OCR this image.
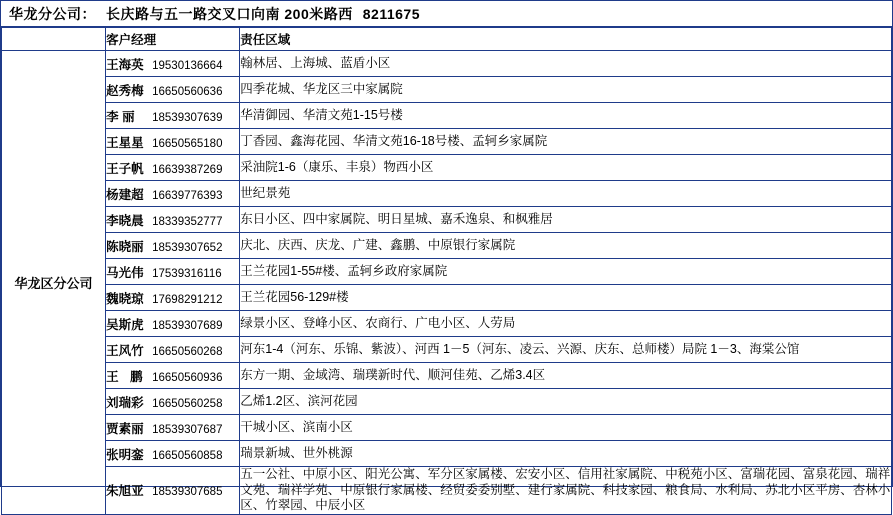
华龙分公司： 长庆路与五一路交叉口向南 200米路西 8211675
	客户经理	责任区域
华龙区分公司	王海英 19530136664	翰林居、上海城、蓝盾小区
	赵秀梅 16650560636	四季花城、华龙区三中家属院
	李 丽 18539307639	华清御园、华清文苑1-15号楼
	王星星 16650565180	丁香园、鑫海花园、华清文苑16-18号楼、孟轲乡家属院
	王子帆 16639387269	采油院1-6（康乐、丰泉）物西小区
	杨建超 16639776393	世纪景苑
	李晓晨 18339352777	东日小区、四中家属院、明日星城、嘉禾逸泉、和枫雅居
	陈晓丽 18539307652	庆北、庆西、庆龙、广建、鑫鹏、中原银行家属院
	马光伟 17539316116	王兰花园1-55#楼、孟轲乡政府家属院
	魏晓琼 17698291212	王兰花园56-129#楼
	吴斯虎 18539307689	绿景小区、登峰小区、农商行、广电小区、人劳局
	王风竹 16650560268	河东1-4（河东、乐锦、紫波）、河西 1－5（河东、凌云、兴源、庆东、总师楼）局院 1－3、海棠公馆
	王 鹏 16650560936	东方一期、金域湾、瑞璞新时代、顺河佳苑、乙烯3.4区
	刘瑞彩 16650560258	乙烯1.2区、滨河花园
	贾素丽 18539307687	干城小区、滨南小区
	张明銮 16650560858	瑞景新城、世外桃源
	朱旭亚 18539307685	五一公社、中原小区、阳光公寓、军分区家属楼、宏安小区、信用社家属院、中税苑小区、富瑞花园、富泉花园、瑞祥文苑、瑞祥学苑、中原银行家属楼、经贸委委别墅、建行家属院、科技家园、粮食局、水利局、苏北小区平房、杏林小区、竹翠园、中辰小区
